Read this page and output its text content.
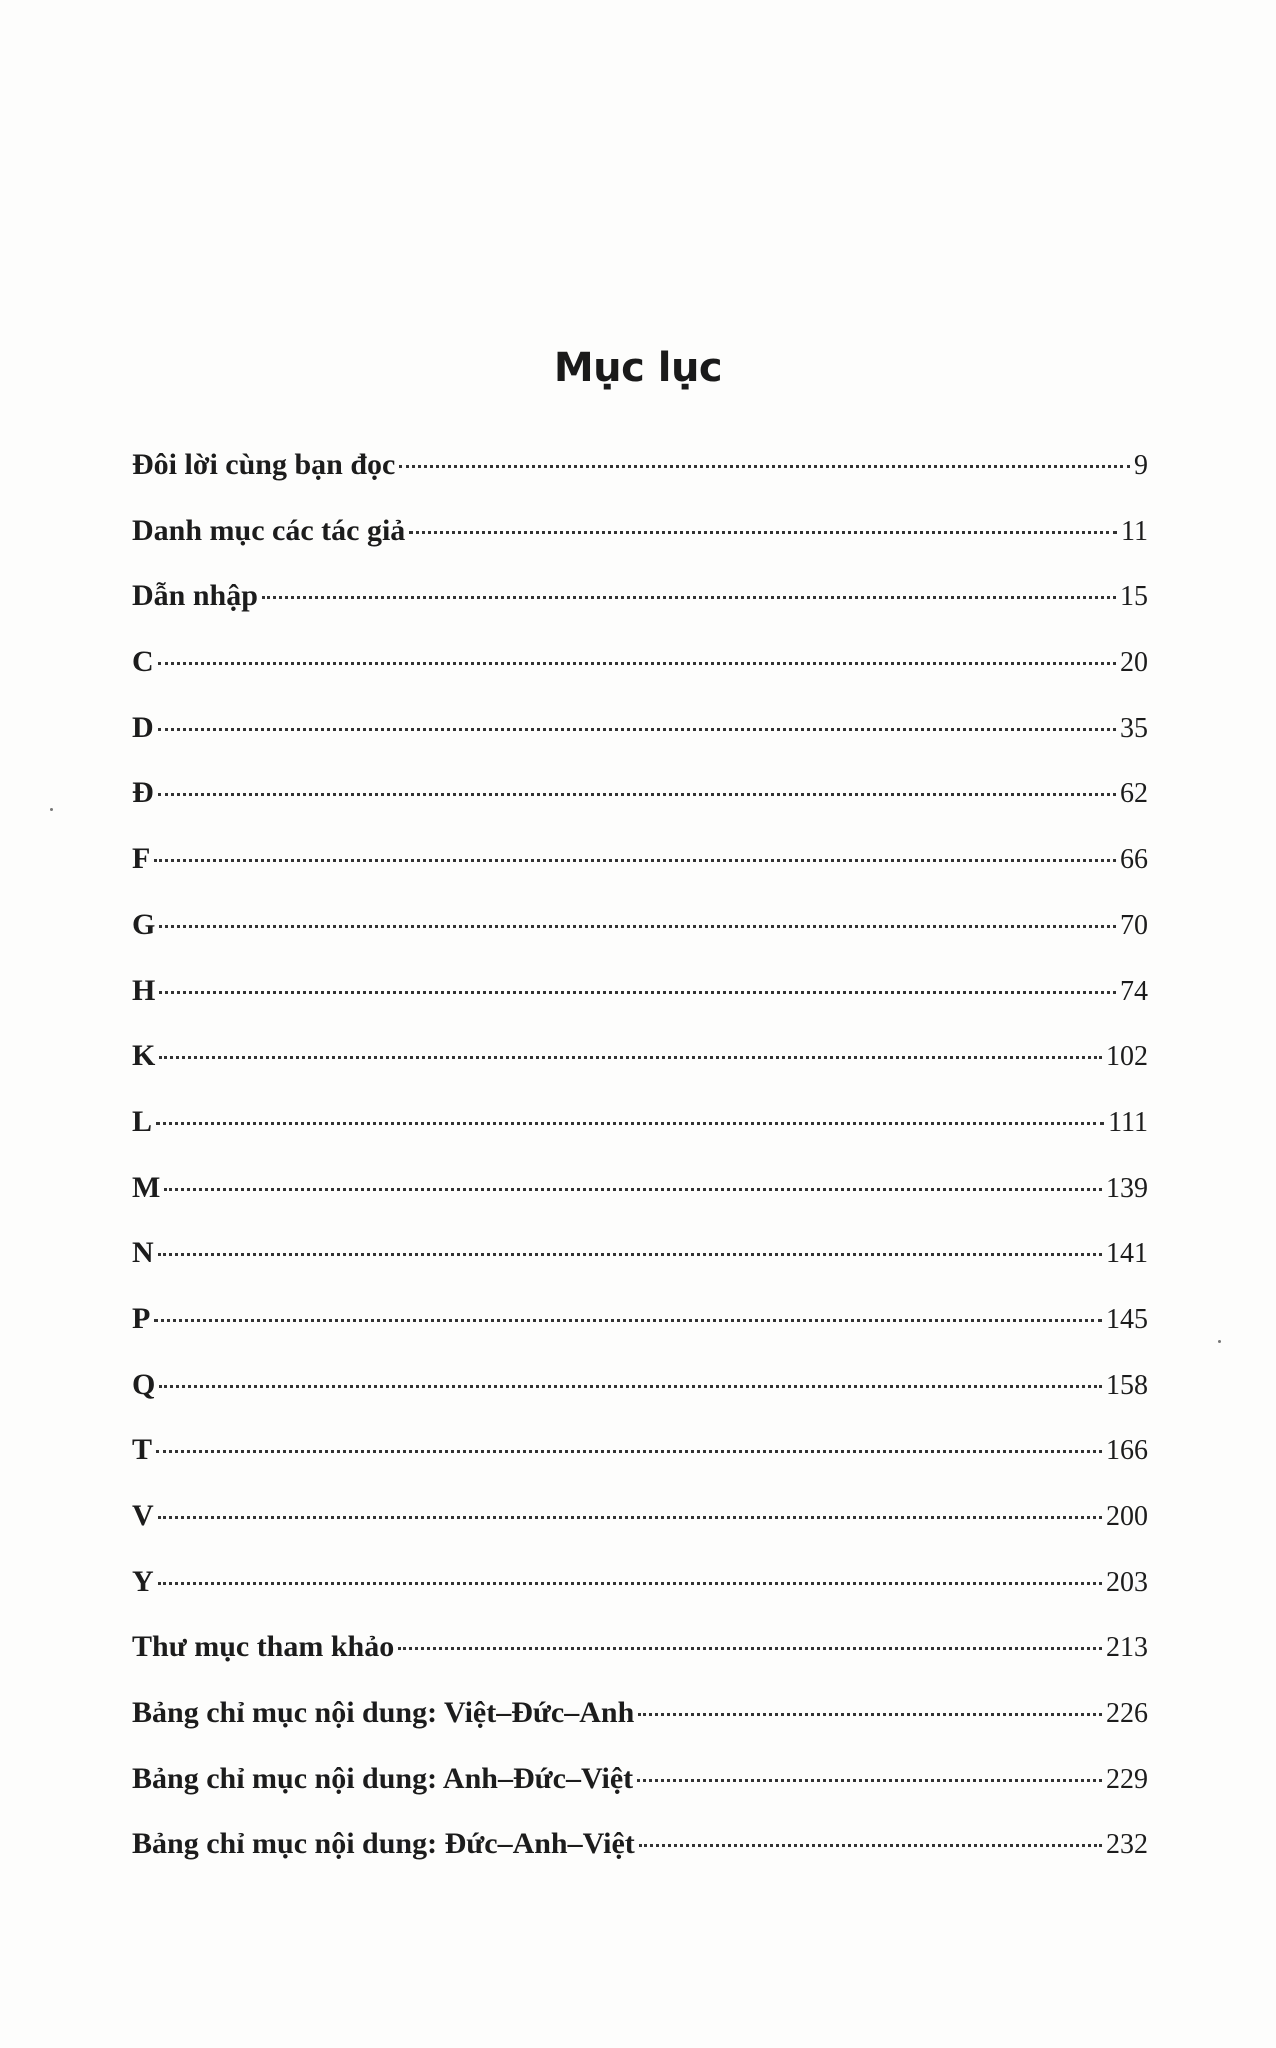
Mục lục
Đôi lời cùng bạn đọc	9
Danh mục các tác giả	11
Dẫn nhập	15
C	20
D	35
Đ	62
F	66
G	70
H	74
K	102
L	111
M	139
N	141
P	145
Q	158
T	166
V	200
Y	203
Thư mục tham khảo	213
Bảng chỉ mục nội dung: Việt–Đức–Anh	226
Bảng chỉ mục nội dung: Anh–Đức–Việt	229
Bảng chỉ mục nội dung: Đức–Anh–Việt	232
